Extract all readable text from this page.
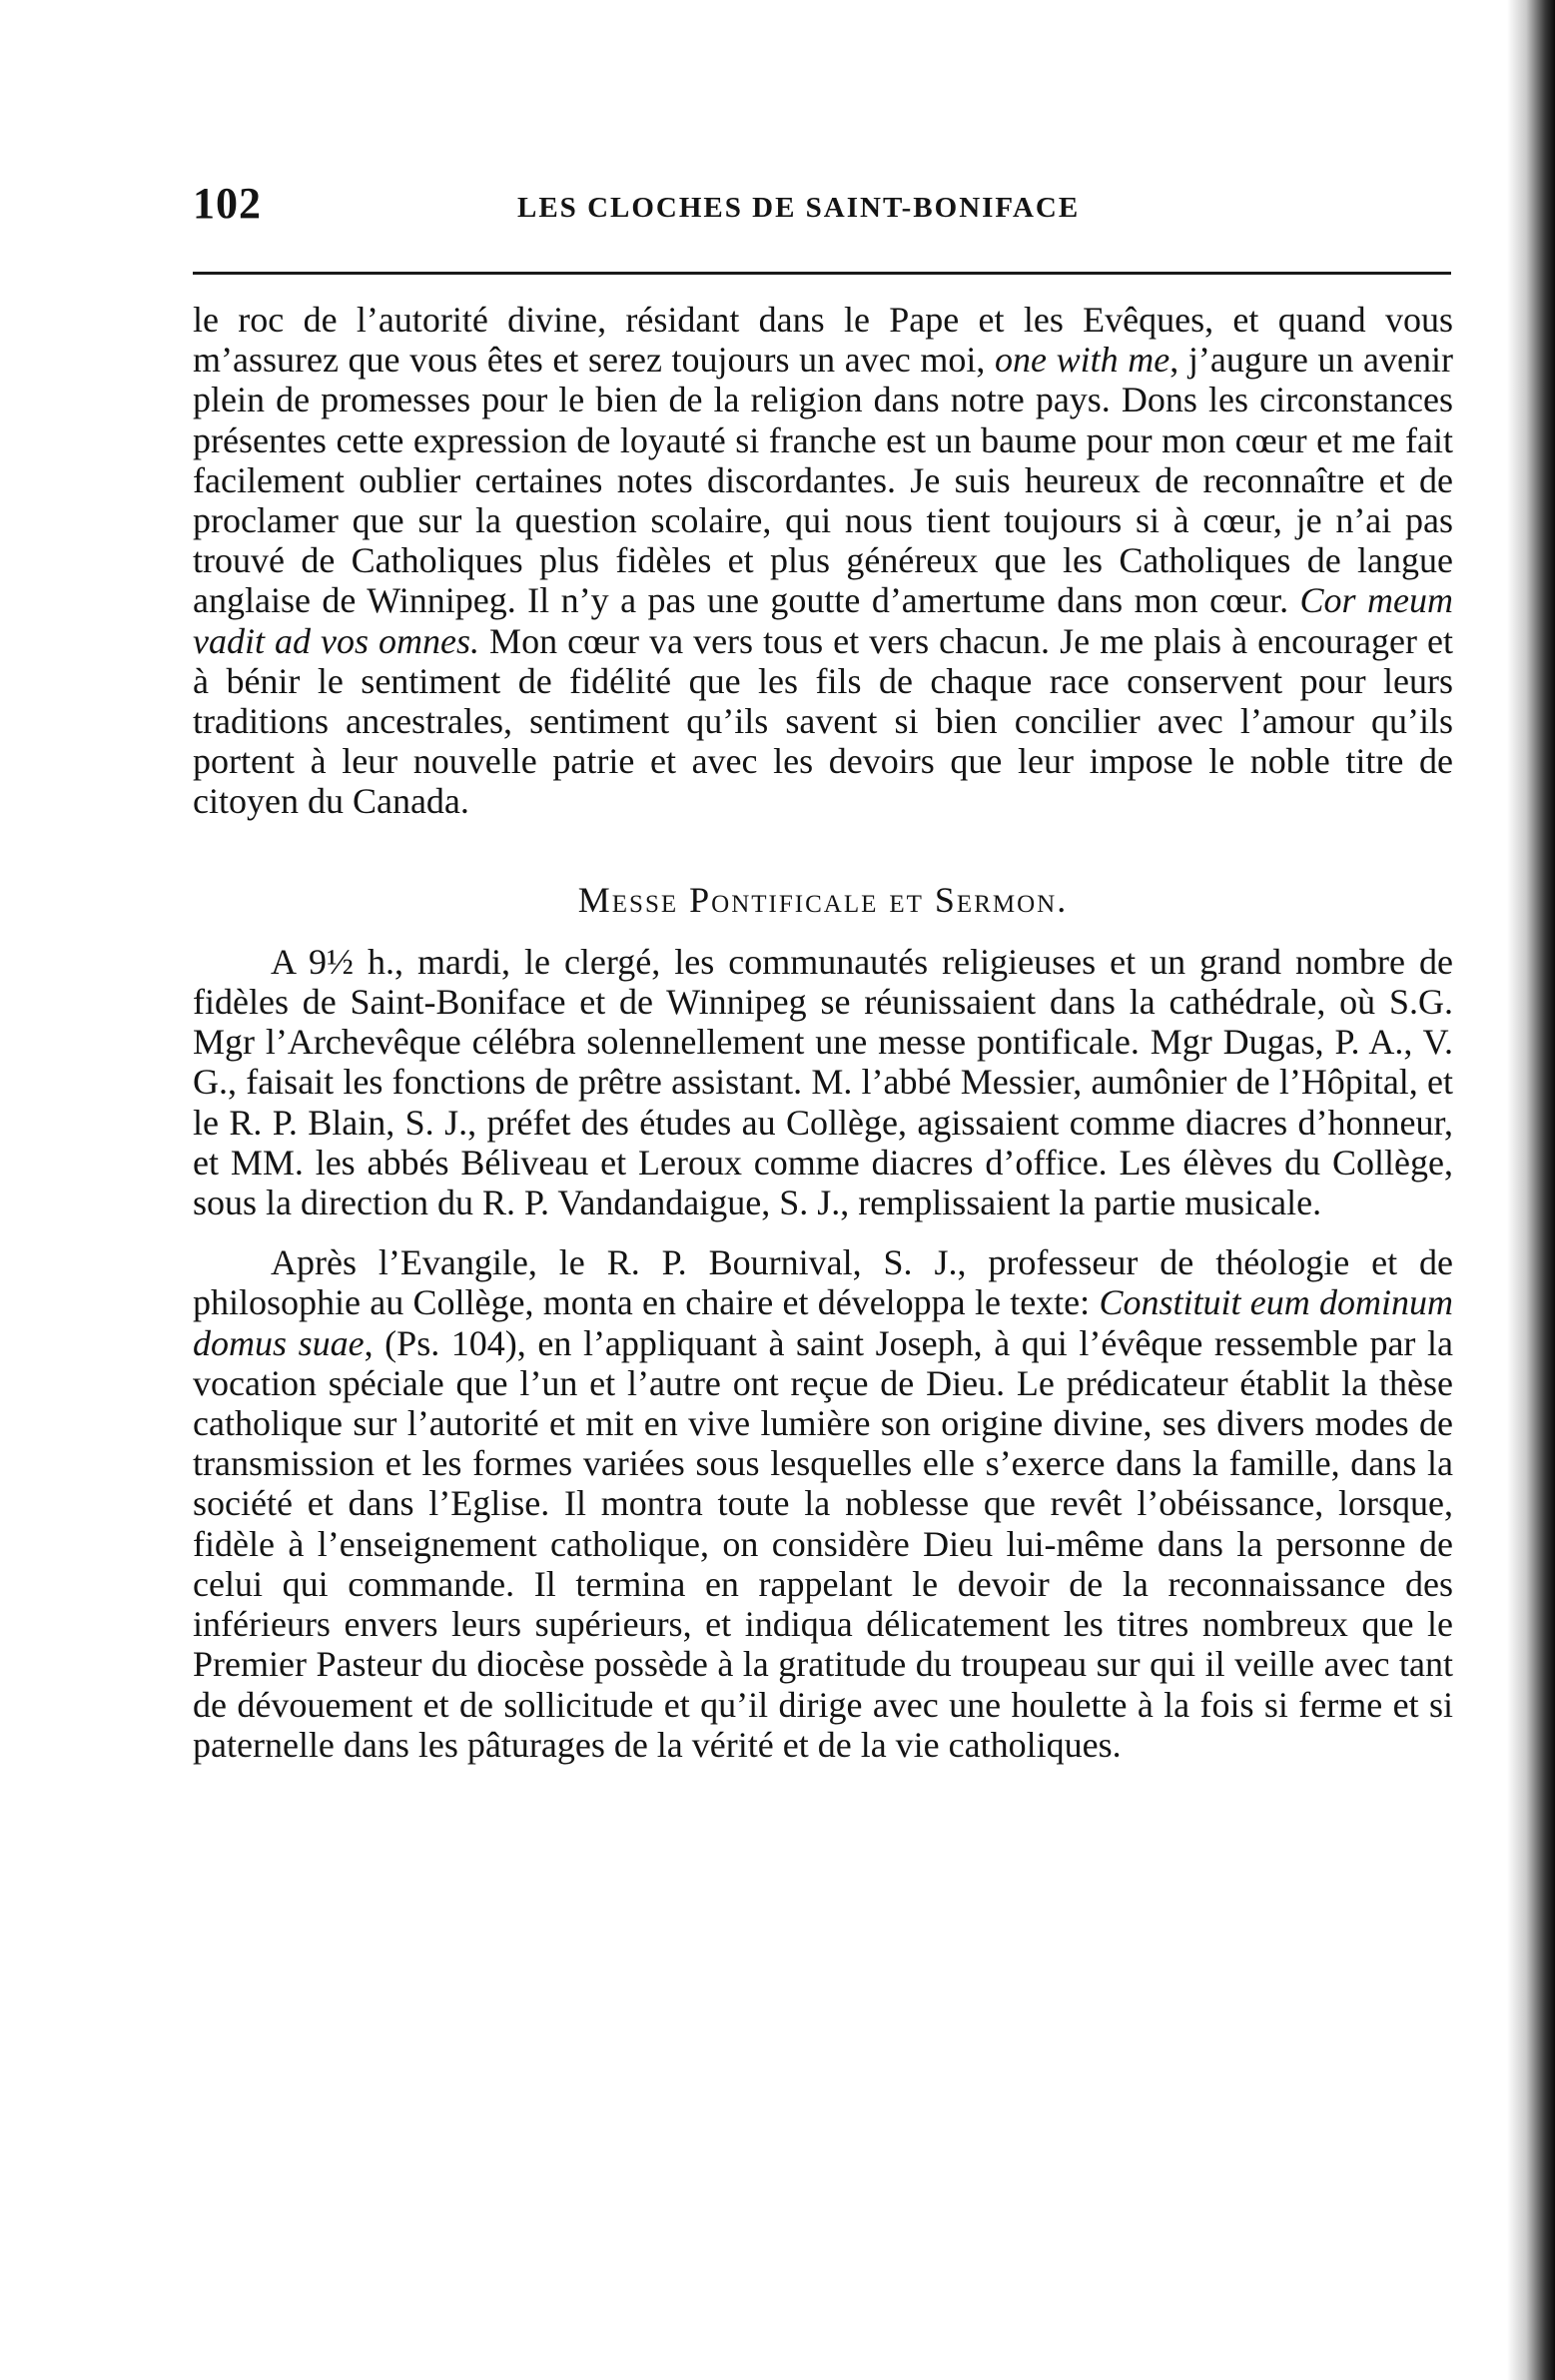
102	LES CLOCHES DE SAINT-BONIFACE

le roc de l’autorité divine, résidant dans le Pape et les Evêques, et quand vous m’assurez que vous êtes et serez toujours un avec moi, one with me, j’augure un avenir plein de promesses pour le bien de la religion dans notre pays. Dons les circonstances présentes cette expression de loyauté si franche est un baume pour mon cœur et me fait facilement oublier certaines notes discordantes. Je suis heureux de reconnaître et de proclamer que sur la question scolaire, qui nous tient toujours si à cœur, je n’ai pas trouvé de Catholiques plus fidèles et plus généreux que les Catholiques de langue anglaise de Winnipeg. Il n’y a pas une goutte d’amertume dans mon cœur. Cor meum vadit ad vos omnes. Mon cœur va vers tous et vers chacun. Je me plais à encourager et à bénir le sentiment de fidélité que les fils de chaque race conservent pour leurs traditions ancestrales, sentiment qu’ils savent si bien concilier avec l’amour qu’ils portent à leur nouvelle patrie et avec les devoirs que leur impose le noble titre de citoyen du Canada.

Messe Pontificale et Sermon.

A 9½ h., mardi, le clergé, les communautés religieuses et un grand nombre de fidèles de Saint-Boniface et de Winnipeg se réunissaient dans la cathédrale, où S.G. Mgr l’Archevêque célébra solennellement une messe pontificale. Mgr Dugas, P. A., V. G., faisait les fonctions de prêtre assistant. M. l’abbé Messier, aumônier de l’Hôpital, et le R. P. Blain, S. J., préfet des études au Collège, agissaient comme diacres d’honneur, et MM. les abbés Béliveau et Leroux comme diacres d’office. Les élèves du Collège, sous la direction du R. P. Vandandaigue, S. J., remplissaient la partie musicale.

Après l’Evangile, le R. P. Bournival, S. J., professeur de théologie et de philosophie au Collège, monta en chaire et développa le texte: Constituit eum dominum domus suae, (Ps. 104), en l’appliquant à saint Joseph, à qui l’évêque ressemble par la vocation spéciale que l’un et l’autre ont reçue de Dieu. Le prédicateur établit la thèse catholique sur l’autorité et mit en vive lumière son origine divine, ses divers modes de transmission et les formes variées sous lesquelles elle s’exerce dans la famille, dans la société et dans l’Eglise. Il montra toute la noblesse que revêt l’obéissance, lorsque, fidèle à l’enseignement catholique, on considère Dieu lui-même dans la personne de celui qui commande. Il termina en rappelant le devoir de la reconnaissance des inférieurs envers leurs supérieurs, et indiqua délicatement les titres nombreux que le Premier Pasteur du diocèse possède à la gratitude du troupeau sur qui il veille avec tant de dévouement et de sollicitude et qu’il dirige avec une houlette à la fois si ferme et si paternelle dans les pâturages de la vérité et de la vie catholiques.
